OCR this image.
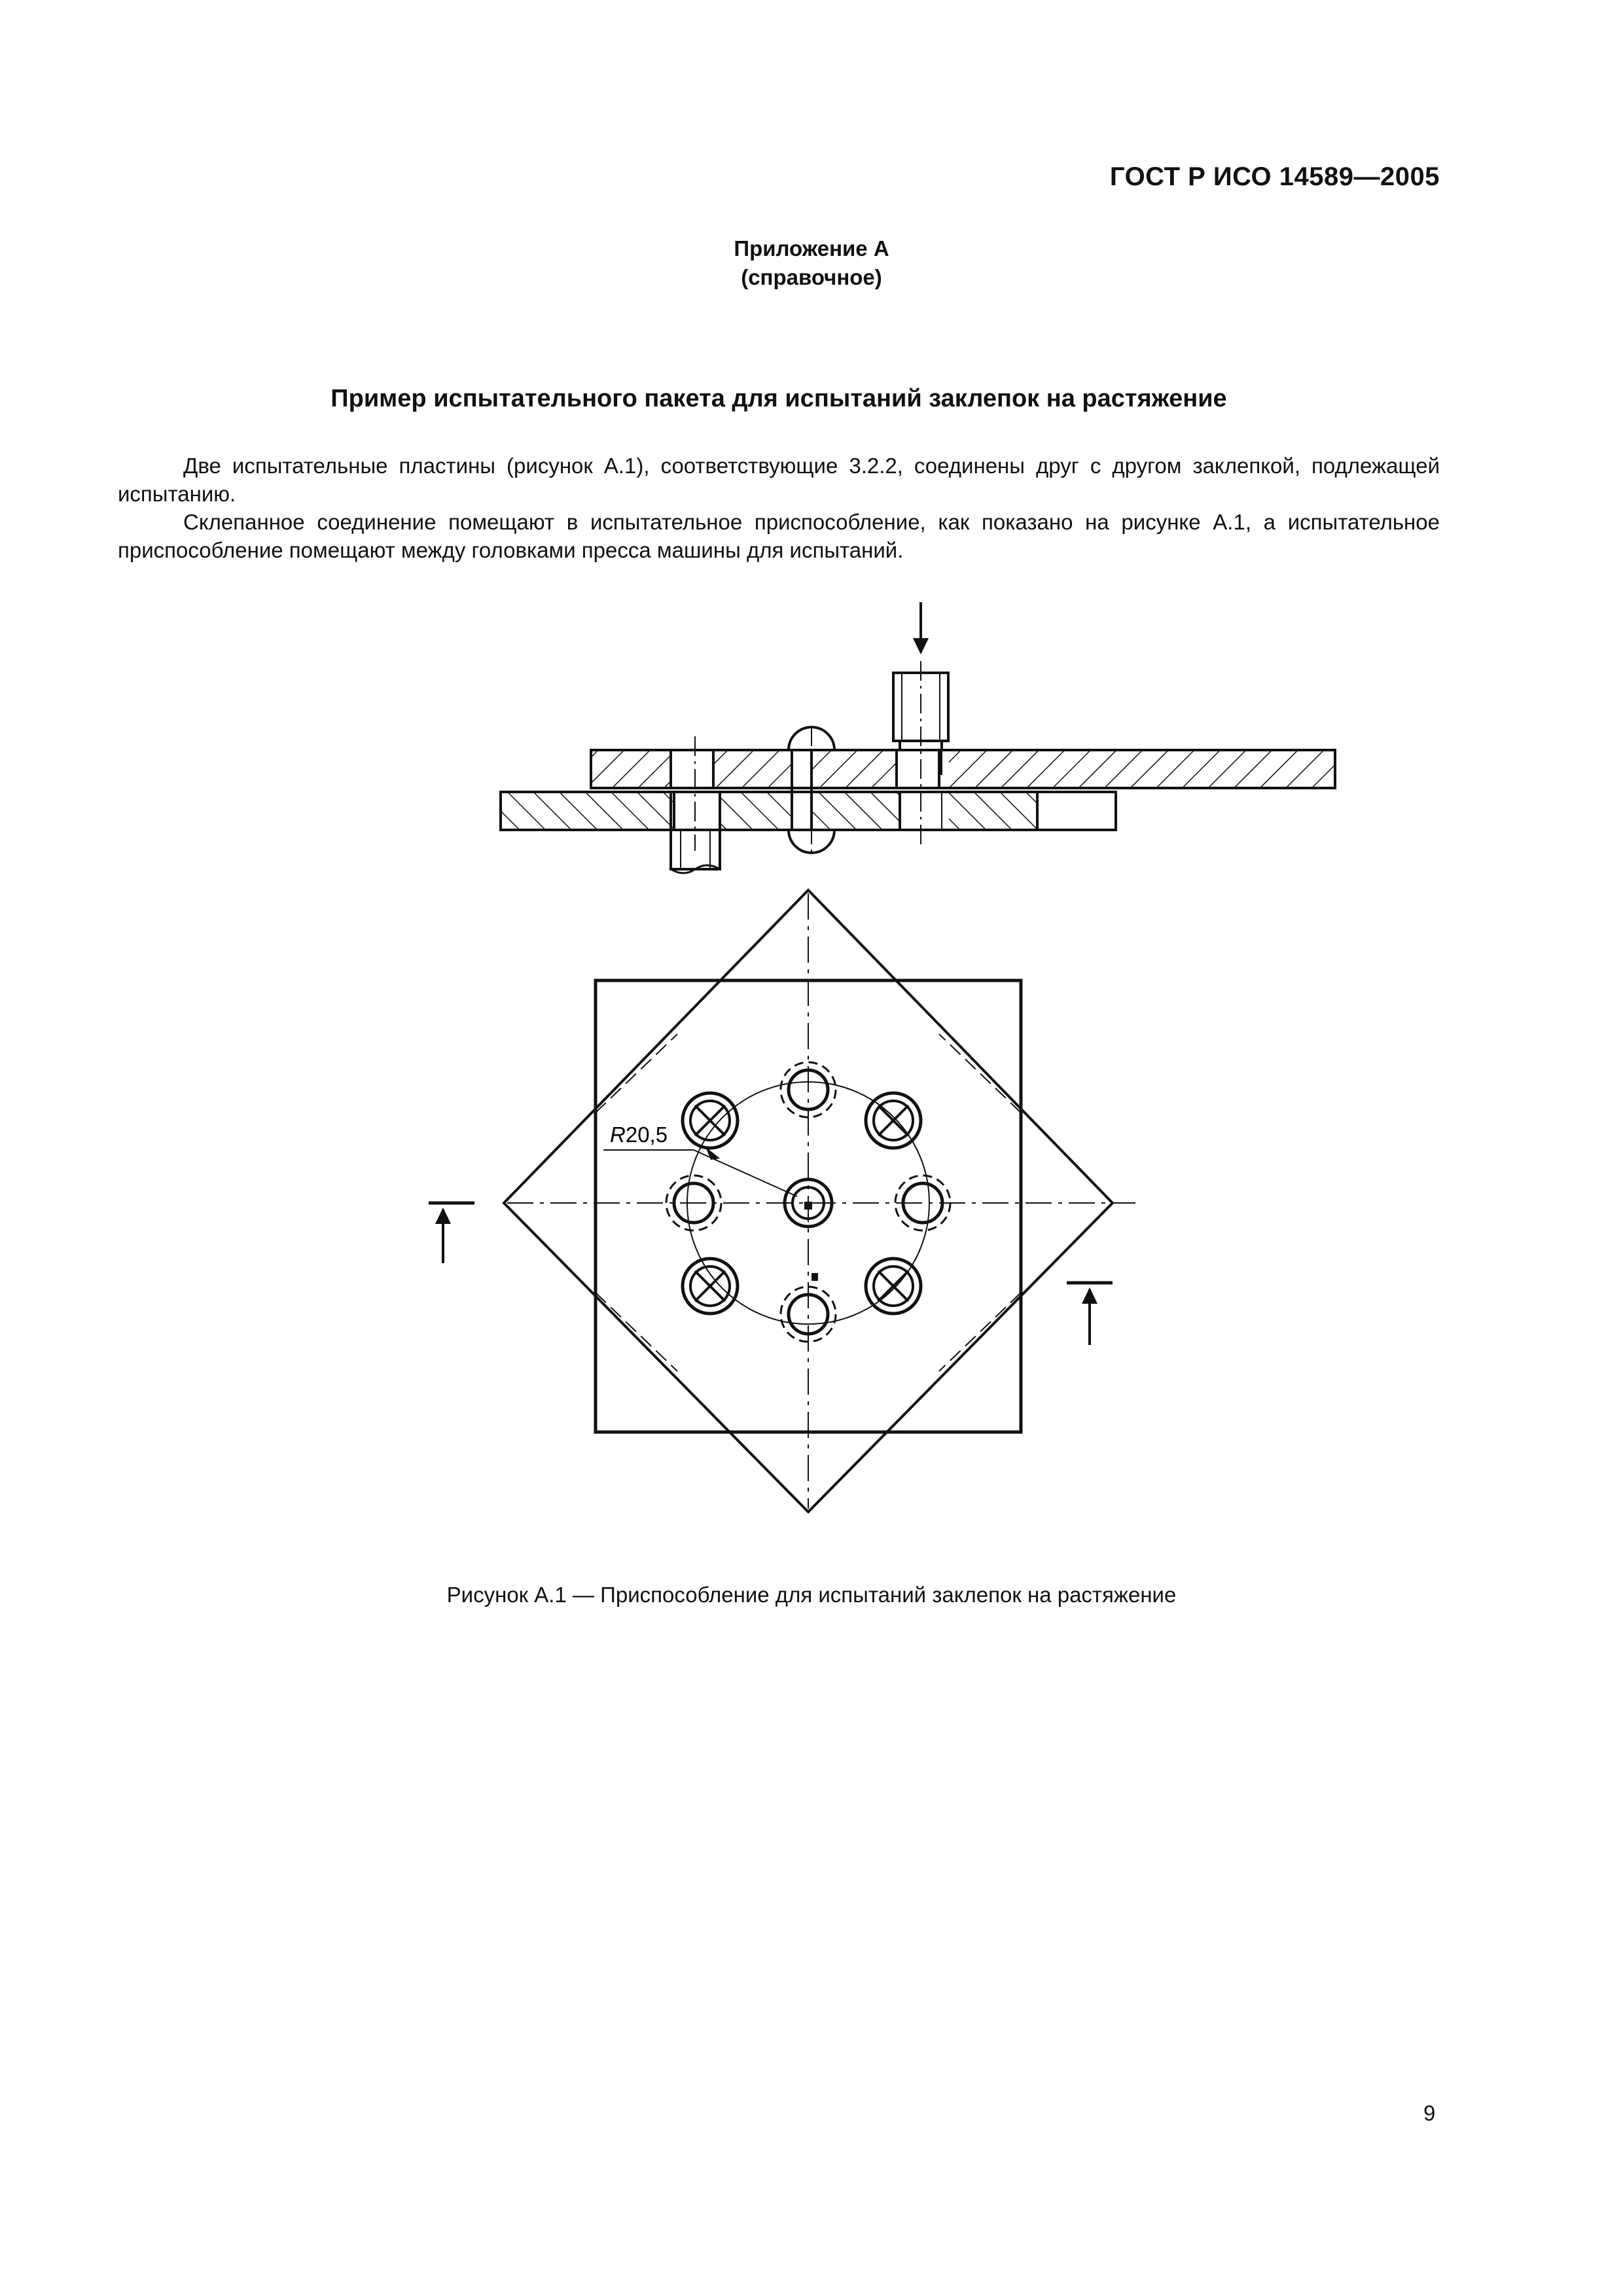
ГОСТ Р ИСО 14589—2005
Приложение А
(справочное)
Пример испытательного пакета для испытаний заклепок на растяжение

Две испытательные пластины (рисунок А.1), соответствующие 3.2.2, соединены друг с другом заклепкой, подлежащей испытанию.

Склепанное соединение помещают в испытательное приспособление, как показано на рисунке А.1, а испытательное приспособление помещают между головками пресса машины для испытаний.

R20,5
Рисунок А.1 — Приспособление для испытаний заклепок на растяжение
9
